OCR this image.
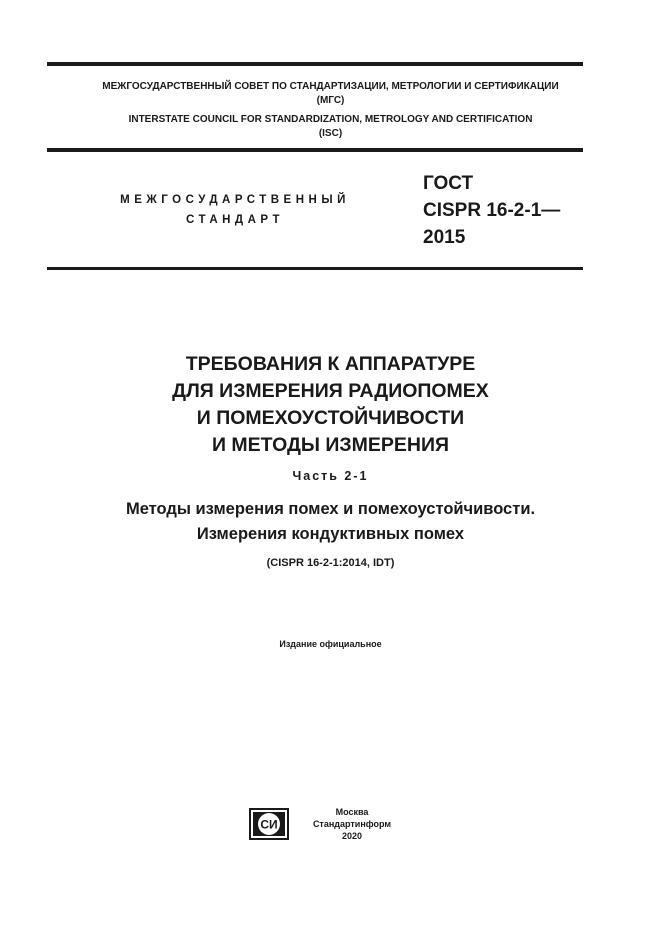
МЕЖГОСУДАРСТВЕННЫЙ СОВЕТ ПО СТАНДАРТИЗАЦИИ, МЕТРОЛОГИИ И СЕРТИФИКАЦИИ
(МГС)
INTERSTATE COUNCIL FOR STANDARDIZATION, METROLOGY AND CERTIFICATION
(ISC)
МЕЖГОСУДАРСТВЕННЫЙ
СТАНДАРТ
ГОСТ
CISPR 16-2-1—
2015
ТРЕБОВАНИЯ К АППАРАТУРЕ
ДЛЯ ИЗМЕРЕНИЯ РАДИОПОМЕХ
И ПОМЕХОУСТОЙЧИВОСТИ
И МЕТОДЫ ИЗМЕРЕНИЯ
Часть 2-1
Методы измерения помех и помехоустойчивости.
Измерения кондуктивных помех
(CISPR 16-2-1:2014, IDT)
Издание официальное
СИ
Москва
Стандартинформ
2020
